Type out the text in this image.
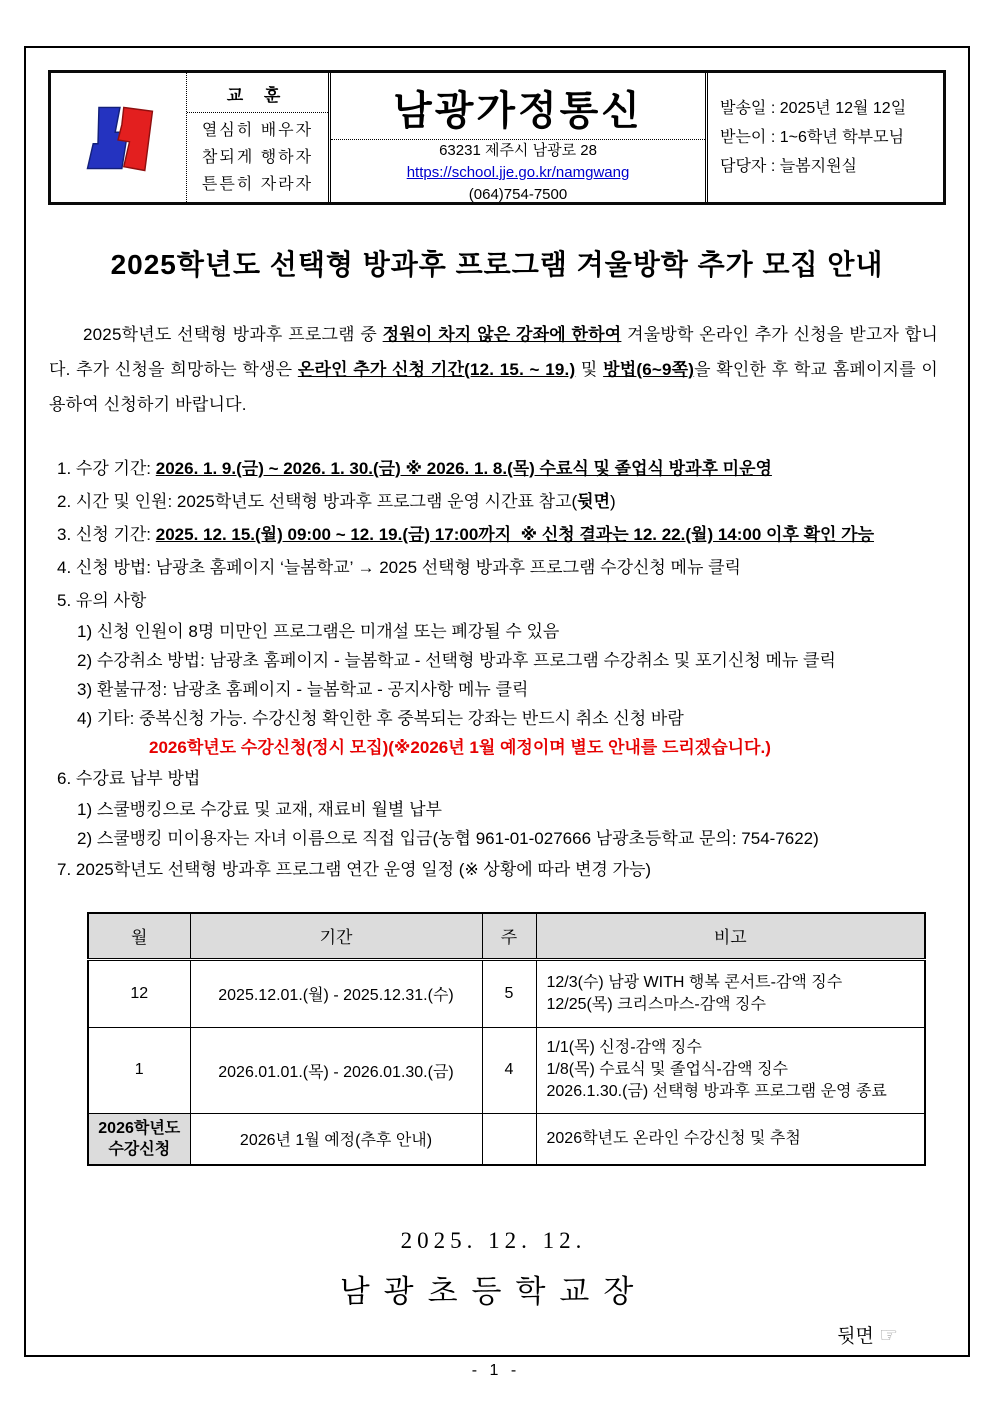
교 훈
열심히 배우자
참되게 행하자
튼튼히 자라자
남광가정통신
63231 제주시 남광로 28
https://school.jje.go.kr/namgwang
(064)754-7500
발송일 : 2025년 12월 12일
받는이 : 1~6학년 학부모님
담당자 : 늘봄지원실
2025학년도 선택형 방과후 프로그램 겨울방학 추가 모집 안내

2025학년도 선택형 방과후 프로그램 중 정원이 차지 않은 강좌에 한하여 겨울방학 온라인 추가 신청을 받고자 합니다. 추가 신청을 희망하는 학생은 온라인 추가 신청 기간(12. 15. ~ 19.) 및 방법(6~9쪽)을 확인한 후 학교 홈페이지를 이용하여 신청하기 바랍니다.

1. 수강 기간: 2026. 1. 9.(금) ~ 2026. 1. 30.(금) ※ 2026. 1. 8.(목) 수료식 및 졸업식 방과후 미운영
2. 시간 및 인원: 2025학년도 선택형 방과후 프로그램 운영 시간표 참고(뒷면)
3. 신청 기간: 2025. 12. 15.(월) 09:00 ~ 12. 19.(금) 17:00까지  ※ 신청 결과는 12. 22.(월) 14:00 이후 확인 가능
4. 신청 방법: 남광초 홈페이지 ‘늘봄학교’ → 2025 선택형 방과후 프로그램 수강신청 메뉴 클릭
5. 유의 사항
1) 신청 인원이 8명 미만인 프로그램은 미개설 또는 폐강될 수 있음
2) 수강취소 방법: 남광초 홈페이지 - 늘봄학교 - 선택형 방과후 프로그램 수강취소 및 포기신청 메뉴 클릭
3) 환불규정: 남광초 홈페이지 - 늘봄학교 - 공지사항 메뉴 클릭
4) 기타: 중복신청 가능. 수강신청 확인한 후 중복되는 강좌는 반드시 취소 신청 바람
2026학년도 수강신청(정시 모집)(※2026년 1월 예정이며 별도 안내를 드리겠습니다.)
6. 수강료 납부 방법
1) 스쿨뱅킹으로 수강료 및 교재, 재료비 월별 납부
2) 스쿨뱅킹 미이용자는 자녀 이름으로 직접 입금(농협 961-01-027666 남광초등학교 문의: 754-7622)
7. 2025학년도 선택형 방과후 프로그램 연간 운영 일정 (※ 상황에 따라 변경 가능)
월	기간	주	비고
12	2025.12.01.(월) - 2025.12.31.(수)	5	12/3(수) 남광 WITH 행복 콘서트-감액 징수
12/25(목) 크리스마스-감액 징수

1	2026.01.01.(목) - 2026.01.30.(금)	4	1/1(목) 신정-감액 징수
1/8(목) 수료식 및 졸업식-감액 징수
2026.1.30.(금) 선택형 방과후 프로그램 운영 종료

2026학년도
수강신청	2026년 1월 예정(추후 안내)		2026학년도 온라인 수강신청 및 추첨
2025. 12. 12.
남광초등학교장
뒷면 ☞
- 1 -
